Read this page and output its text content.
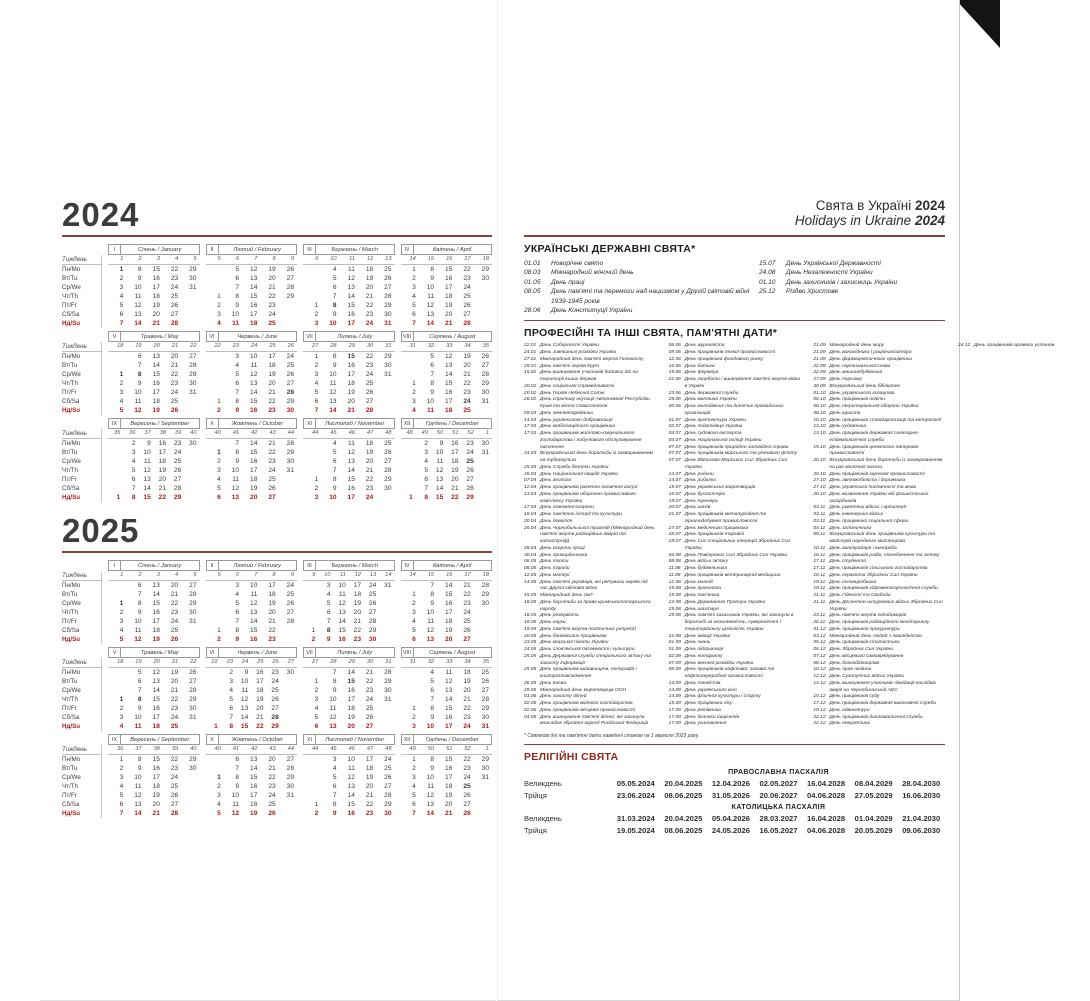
2024
Тиждень
Пн/Mo
Вт/Tu
Ср/We
Чт/Th
Пт/Fr
Сб/Sa
Нд/Su
I	Січень / January
1	2	3	4	5
1	8	15	22	29
2	9	16	23	30
3	10	17	24	31
4	11	18	25	
5	12	19	26	
6	13	20	27	
7	14	21	28	
II	Лютий / February
5	6	7	8	9
	5	12	19	26
	6	13	20	27
	7	14	21	28
1	8	15	22	29
2	9	16	23	
3	10	17	24	
4	11	18	25	
III	Березень / March
9	10	11	12	13
	4	11	18	25
	5	12	19	26
	6	13	20	27
	7	14	21	28
1	8	15	22	29
2	9	16	23	30
3	10	17	24	31
IV	Квітень / April
14	15	16	17	18
1	8	15	22	29
2	9	16	23	30
3	10	17	24	
4	11	18	25	
5	12	19	26	
6	13	20	27	
7	14	21	28	
Тиждень
Пн/Mo
Вт/Tu
Ср/We
Чт/Th
Пт/Fr
Сб/Sa
Нд/Su
V	Травень / May
18	19	20	21	22
	6	13	20	27
	7	14	21	28
1	8	15	22	29
2	9	16	23	30
3	10	17	24	31
4	11	18	25	
5	12	19	26	
VI	Червень / June
22	23	24	25	26
	3	10	17	24
	4	11	18	25
	5	12	19	26
	6	13	20	27
	7	14	21	28
1	8	15	22	29
2	9	16	23	30
VII	Липень / July
27	28	29	30	31
1	8	15	22	29
2	9	16	23	30
3	10	17	24	31
4	11	18	25	
5	12	19	26	
6	13	20	27	
7	14	21	28	
VIII	Серпень / August
31	32	33	34	35
	5	12	19	26
	6	13	20	27
	7	14	21	28
1	8	15	22	29
2	9	16	23	30
3	10	17	24	31
4	11	18	25	
Тиждень
Пн/Mo
Вт/Tu
Ср/We
Чт/Th
Пт/Fr
Сб/Sa
Нд/Su
IX	Вересень / September
35	36	37	38	39	40
	2	9	16	23	30
	3	10	17	24	
	4	11	18	25	
	5	12	19	26	
	6	13	20	27	
	7	14	21	28	
1	8	15	22	29	
X	Жовтень / October
40	41	42	43	44
	7	14	21	28
1	8	15	22	29
2	9	16	23	30
3	10	17	24	31
4	11	18	25	
5	12	19	26	
6	13	20	27	
XI	Листопад / November
44	45	46	47	48
	4	11	18	25
	5	12	19	26
	6	13	20	27
	7	14	21	28
1	8	15	22	29
2	9	16	23	30
3	10	17	24	
XII	Грудень / December
48	49	50	51	52	1
	2	9	16	23	30
	3	10	17	24	31
	4	11	18	25	
	5	12	19	26	
	6	13	20	27	
	7	14	21	28	
1	8	15	22	29	
2025
Тиждень
Пн/Mo
Вт/Tu
Ср/We
Чт/Th
Пт/Fr
Сб/Sa
Нд/Su
I	Січень / January
1	2	3	4	5
	6	13	20	27
	7	14	21	28
1	8	15	22	29
2	9	16	23	30
3	10	17	24	31
4	11	18	25	
5	12	19	26	
II	Лютий / February
5	6	7	8	9
	3	10	17	24
	4	11	18	25
	5	12	19	26
	6	13	20	27
	7	14	21	28
1	8	15	22	
2	9	16	23	
III	Березень / March
9	10	11	12	13	14
	3	10	17	24	31
	4	11	18	25	
	5	12	19	26	
	6	13	20	27	
	7	14	21	28	
1	8	15	22	29	
2	9	16	23	30	
IV	Квітень / April
14	15	16	17	18
	7	14	21	28
1	8	15	22	29
2	9	16	23	30
3	10	17	24	
4	11	18	25	
5	12	19	26	
6	13	20	27	
Тиждень
Пн/Mo
Вт/Tu
Ср/We
Чт/Th
Пт/Fr
Сб/Sa
Нд/Su
V	Травень / May
18	19	20	21	22
	5	12	19	26
	6	13	20	27
	7	14	21	28
1	8	15	22	29
2	9	16	23	30
3	10	17	24	31
4	11	18	25	
VI	Червень / June
22	23	24	25	26	27
	2	9	16	23	30
	3	10	17	24	
	4	11	18	25	
	5	12	19	26	
	6	13	20	27	
	7	14	21	28	
1	8	15	22	29	
VII	Липень / July
27	28	29	30	31
	7	14	21	28
1	8	15	22	29
2	9	16	23	30
3	10	17	24	31
4	11	18	25	
5	12	19	26	
6	13	20	27	
VIII	Серпень / August
31	32	33	34	35
	4	11	18	25
	5	12	19	26
	6	13	20	27
	7	14	21	28
1	8	15	22	29
2	9	16	23	30
3	10	17	24	31
Тиждень
Пн/Mo
Вт/Tu
Ср/We
Чт/Th
Пт/Fr
Сб/Sa
Нд/Su
IX	Вересень / September
36	37	38	39	40
1	8	15	22	29
2	9	16	23	30
3	10	17	24	
4	11	18	25	
5	12	19	26	
6	13	20	27	
7	14	21	28	
X	Жовтень / October
40	41	42	43	44
	6	13	20	27
	7	14	21	28
1	8	15	22	29
2	9	16	23	30
3	10	17	24	31
4	11	18	25	
5	12	19	26	
XI	Листопад / November
44	45	46	47	48
	3	10	17	24
	4	11	18	25
	5	12	19	26
	6	13	20	27
	7	14	21	28
1	8	15	22	29
2	9	16	23	30
XII	Грудень / December
49	50	51	52	1
1	8	15	22	29
2	9	16	23	30
3	10	17	24	31
4	11	18	25	
5	12	19	26	
6	13	20	27	
7	14	21	28	
Свята в Україні 2024
Holidays in Ukraine 2024
УКРАЇНСЬКІ ДЕРЖАВНІ СВЯТА*
01.01	Новорічне свято
08.03	Міжнародний жіночий день
01.05	День праці
08.05	День пам'яті та перемоги над нацизмом у Другій світовій війні 1939-1945 років
28.06	День Конституції України
15.07	День Української Державності
24.08	День Незалежності України
01.10	День захисників і захисниць України
25.12	Різдво Христове
ПРОФЕСІЙНІ ТА ІНШІ СВЯТА, ПАМ'ЯТНІ ДАТИ*
22.01 День Соборності України
24.01 День зовнішньої розвідки України
27.01 Міжнародний день пам'яті жертв Голокосту
29.01 День пам'яті героїв Крут
15.02 День вшанування учасників бойових дій на території інших держав
20.02 День соціальної справедливості
20.02 День Героїв Небесної Сотні
26.02 День спротиву окупації Автономної Республіки Крим та міста Севастополя
09.03 День землевпорядника
14.03 День українського добровольця
17.03 День мобілізаційного працівника
17.03 День працівників житлово-комунального господарства і побутового обслуговування населення
24.03 Всеукраїнський день боротьби із захворюванням на туберкульоз
25.03 День Служби безпеки України
26.03 День Національної гвардії України
07.04 День геолога
12.04 День працівників ракетно-космічної галузі
13.04 День працівників оборонно-промислового комплексу України
17.04 День пожежної охорони
18.04 День пам'яток історії та культури
20.04 День довкілля
26.04 День Чорнобильської трагедії (Міжнародний день пам'яті жертв радіаційних аварій та катастроф)
28.04 День охорони праці
30.04 День прикордонника
06.05 День піхоти
08.05 День Європи
12.05 День матері
14.05 День пам'яті українців, які рятували євреїв під час Другої світової війни
15.05 Міжнародний день сім'ї
18.05 День боротьби за права кримськотатарського народу
18.05 День резервіста
18.05 День науки
19.05 День пам'яті жертв політичних репресій
20.05 День банківських працівників
23.05 День морської піхоти України
24.05 День слов'янської писемності і культури
25.05 День Державної служби спеціального зв'язку та захисту інформації
25.05 День працівників видавництв, поліграфії і книгорозповсюдження
26.05 День Києва
29.05 Міжнародний день миротворців ООН
01.06 День захисту дітей
02.06 День працівників водного господарства
02.06 День працівників місцевої промисловості
04.06 День вшанування пам'яті дітей, які загинули внаслідок збройної агресії Російської Федерації
06.06 День журналіста
09.06 День працівників легкої промисловості
12.06 День працівника фондового ринку
16.06 День батька
19.06 День фермера
22.06 День скорботи і вшанування пам'яті жертв війни в Україні
23.06 День державної служби
25.06 День митника України
30.06 День молодіжних та дитячих громадських організацій
01.07 День архітектури України
02.07 День податківця України
04.07 День судового експерта
04.07 День Національної поліції України
07.07 День працівників природно-заповідної справи
07.07 День працівників морського та річкового флоту
07.07 День Військово-Морських Сил Збройних Сил України
14.07 День родини
14.07 День рибалки
15.07 День українських миротворців
16.07 День бухгалтера
19.07 День тренера
20.07 День шахів
21.07 День працівників металургійної та гірничодобувної промисловості
27.07 День медичного працівника
28.07 День працівників торгівлі
29.07 День Сил спеціальних операцій Збройних Сил України
04.08 День Повітряних Сил Збройних Сил України
08.08 День військ зв'язку
11.08 День будівельника
11.08 День працівників ветеринарної медицини
12.08 День молоді
15.08 День археолога
19.08 День пасічника
23.08 День Державного Прапора України
25.08 День шахтаря
29.08 День пам'яті захисників України, які загинули в боротьбі за незалежність, суверенітет і територіальну цілісність України
31.08 День авіації України
01.09 День знань
01.09 День підприємця
02.09 День нотаріату
07.09 День воєнної розвідки України
08.09 День працівників нафтової, газової та нафтопереробної промисловості
14.09 День танкістів
14.09 День українського кіно
14.09 День фізичної культури і спорту
15.09 День працівника лісу
17.09 День рятівника
17.09 День безпеки пацієнтів
17.09 День усиновлення
21.09 Міжнародний день миру
21.09 День винахідника і раціоналізатора
21.09 День фармацевтичного працівника
22.09 День партизанської слави
22.09 День машинобудівника
27.09 День туризму
30.09 Всеукраїнський день бібліотек
01.10 День українського козацтва
06.10 День працівників освіти
06.10 День територіальної оборони України
08.10 День юриста
10.10 День працівників стандартизації та метрології
13.10 День художника
13.10 День працівників державної санітарно-епідеміологічної служби
19.10 День працівників целюлозно-паперової промисловості
20.10 Всеукраїнський день боротьби із захворюванням на рак молочної залози
20.10 День працівників харчової промисловості
27.10 День автомобіліста і дорожника
27.10 День української писемності та мови
28.10 День визволення України від фашистських загарбників
03.11 День ракетних військ і артилерії
03.11 День інженерних військ
03.11 День працівника соціальної сфери
04.11 День залізничника
09.11 Всеукраїнський день працівників культури та майстрів народного мистецтва
10.11 День виноградаря і винороба
16.11 День працівників радіо, телебачення та зв'язку
17.11 День студента
17.11 День працівників сільського господарства
18.11 День сержанта Збройних Сил України
19.11 День скловиробника
19.11 День працівників гідрометеорологічної служби
21.11 День Гідності та Свободи
21.11 День Десантно-штурмових військ Збройних Сил України
23.11 День пам'яті жертв голодоморів
26.11 День працівників радіаційного моніторингу
01.12 День працівників прокуратури
03.12 Міжнародний день людей з інвалідністю
05.12 День працівників статистики
06.12 День Збройних Сил України
07.12 День місцевого самоврядування
08.12 День благодійництва
10.12 День прав людини
12.12 День Сухопутних військ України
14.12 День вшанування учасників ліквідації наслідків аварії на Чорнобильській АЕС
15.12 День працівників суду
17.12 День працівників державної виконавчої служби
19.12 День адвокатури
22.12 День працівників дипломатичної служби
22.12 День енергетика
24.12 День працівників архівних установ
* Святкові дні та пам'ятні дати наведені станом на 1 вересня 2023 року.
РЕЛІГІЙНІ СВЯТА
ПРАВОСЛАВНА ПАСХАЛІЯ
Великдень	05.05.2024	20.04.2025	12.04.2026	02.05.2027	16.04.2028	08.04.2029	28.04.2030
Трійця	23.06.2024	08.06.2025	31.05.2026	20.06.2027	04.06.2028	27.05.2029	16.06.2030
КАТОЛИЦЬКА ПАСХАЛІЯ
Великдень	31.03.2024	20.04.2025	05.04.2026	28.03.2027	16.04.2028	01.04.2029	21.04.2030
Трійця	19.05.2024	08.06.2025	24.05.2026	16.05.2027	04.06.2028	20.05.2029	09.06.2030
